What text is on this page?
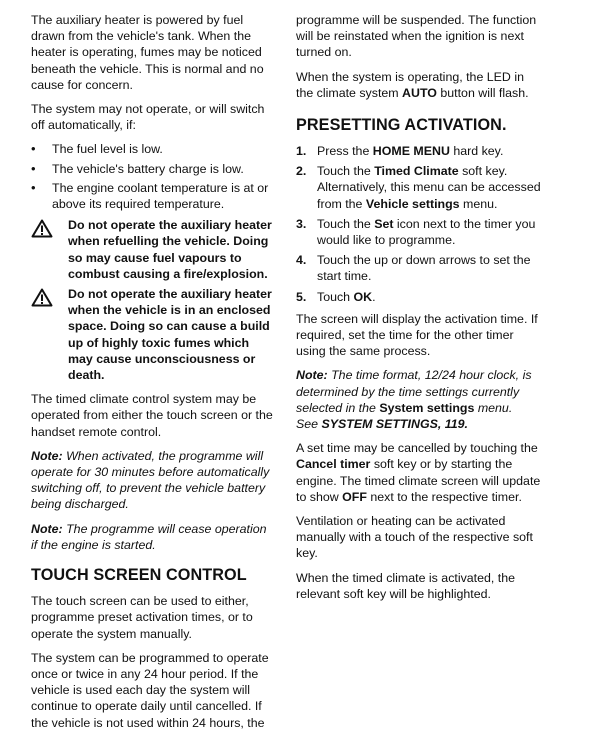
The auxiliary heater is powered by fuel drawn from the vehicle's tank. When the heater is operating, fumes may be noticed beneath the vehicle. This is normal and no cause for concern.

The system may not operate, or will switch off automatically, if:

•	The fuel level is low.
•	The vehicle's battery charge is low.
•	The engine coolant temperature is at or above its required temperature.
Do not operate the auxiliary heater when refuelling the vehicle. Doing so may cause fuel vapours to combust causing a fire/explosion.
Do not operate the auxiliary heater when the vehicle is in an enclosed space. Doing so can cause a build up of highly toxic fumes which may cause unconsciousness or death.

The timed climate control system may be operated from either the touch screen or the handset remote control.

Note: When activated, the programme will operate for 30 minutes before automatically switching off, to prevent the vehicle battery being discharged.

Note: The programme will cease operation if the engine is started.

TOUCH SCREEN CONTROL

The touch screen can be used to either, programme preset activation times, or to operate the system manually.

The system can be programmed to operate once or twice in any 24 hour period. If the vehicle is used each day the system will continue to operate daily until cancelled. If the vehicle is not used within 24 hours, the

programme will be suspended. The function will be reinstated when the ignition is next turned on.

When the system is operating, the LED in the climate system AUTO button will flash.

PRESETTING ACTIVATION.
1. Press the HOME MENU hard key.
2. Touch the Timed Climate soft key. Alternatively, this menu can be accessed from the Vehicle settings menu.
3. Touch the Set icon next to the timer you would like to programme.
4. Touch the up or down arrows to set the start time.
5. Touch OK.

The screen will display the activation time. If required, set the time for the other timer using the same process.

Note: The time format, 12/24 hour clock, is determined by the time settings currently selected in the System settings menu.
See SYSTEM SETTINGS, 119.

A set time may be cancelled by touching the Cancel timer soft key or by starting the engine. The timed climate screen will update to show OFF next to the respective timer.

Ventilation or heating can be activated manually with a touch of the respective soft key.

When the timed climate is activated, the relevant soft key will be highlighted.
